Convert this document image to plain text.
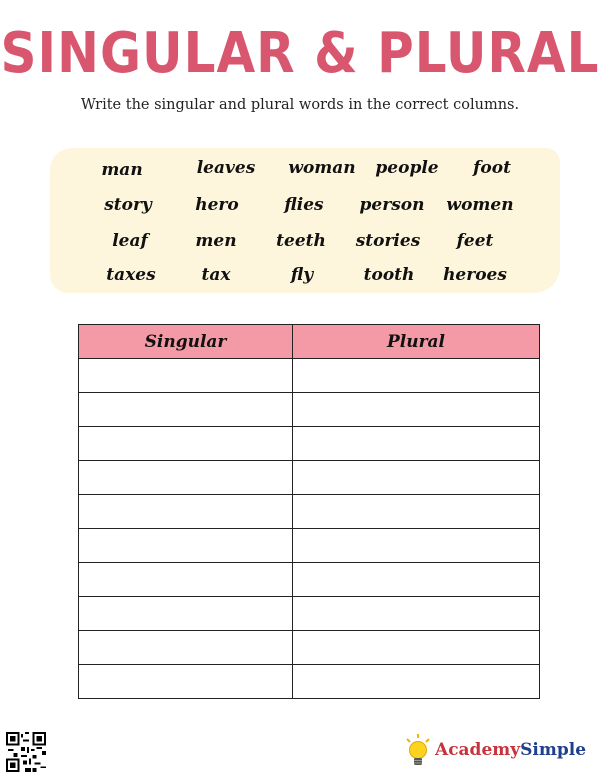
SINGULAR & PLURAL
Write the singular and plural words in the correct columns.
man	leaves woman people foot
story	hero	flies person women
leaf	men teeth stories feet
taxes	tax	fly	tooth heroes
Singular	Plural

AcademySimple
